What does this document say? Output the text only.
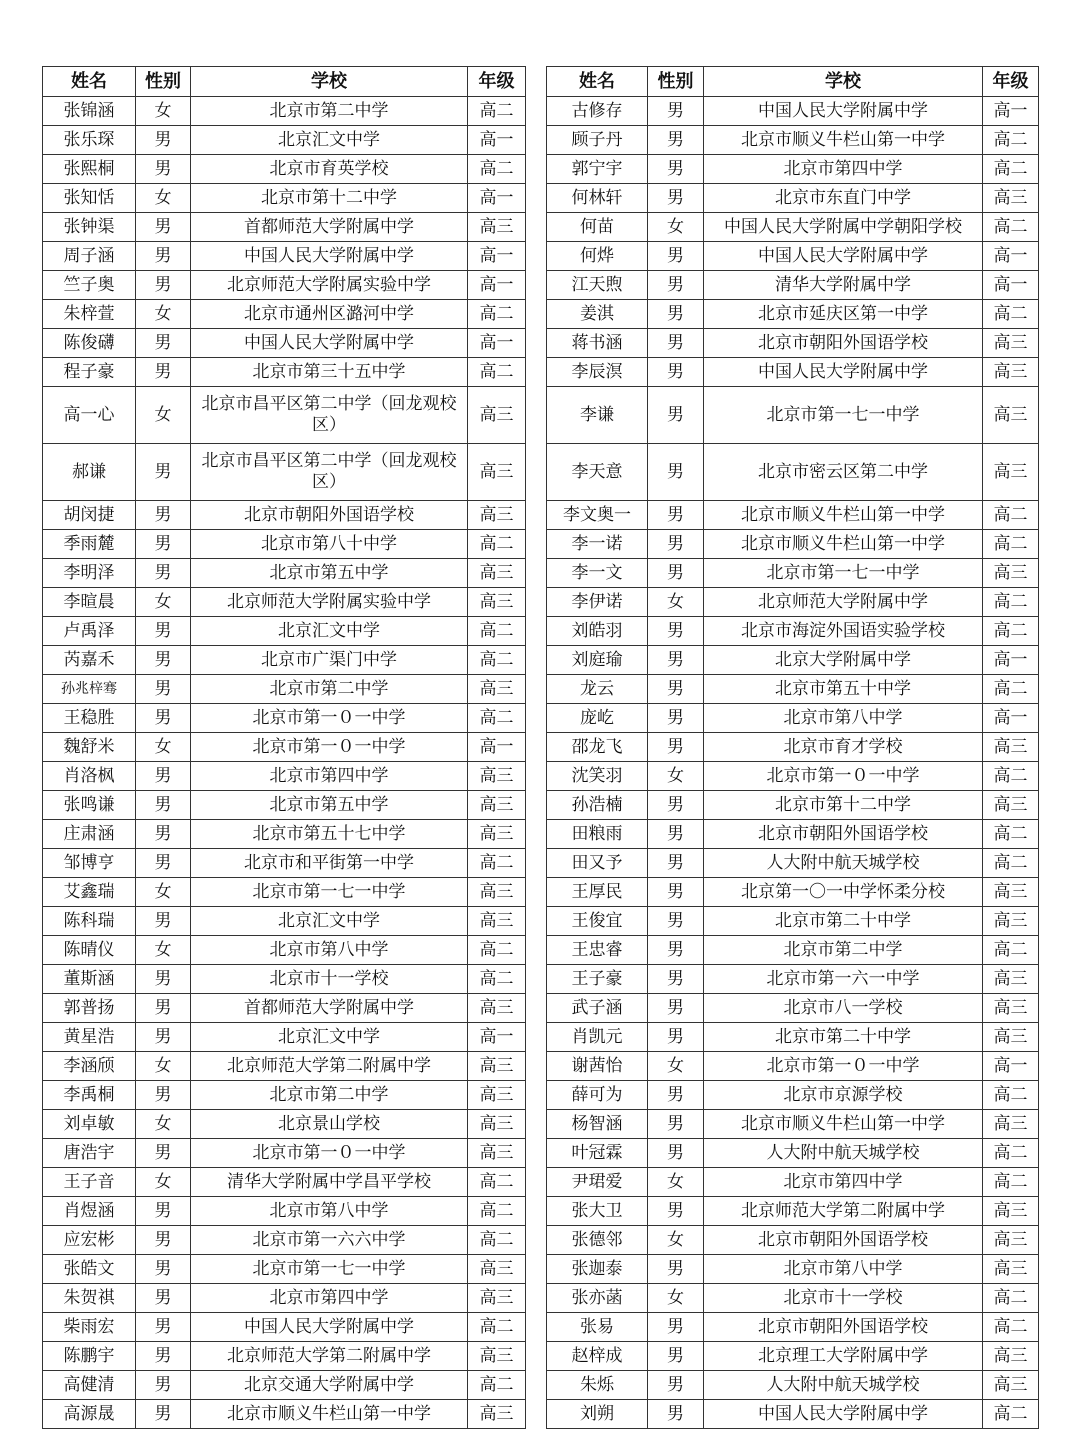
姓名	性别	学校	年级
张锦涵	女	北京市第二中学	高二
张乐琛	男	北京汇文中学	高一
张熙桐	男	北京市育英学校	高二
张知恬	女	北京市第十二中学	高一
张钟渠	男	首都师范大学附属中学	高三
周子涵	男	中国人民大学附属中学	高一
竺子奥	男	北京师范大学附属实验中学	高一
朱梓萱	女	北京市通州区潞河中学	高二
陈俊礴	男	中国人民大学附属中学	高一
程子豪	男	北京市第三十五中学	高二
高一心	女	北京市昌平区第二中学（回龙观校区）	高三
郝谦	男	北京市昌平区第二中学（回龙观校区）	高三
胡闵捷	男	北京市朝阳外国语学校	高三
季雨麓	男	北京市第八十中学	高二
李明泽	男	北京市第五中学	高三
李暄晨	女	北京师范大学附属实验中学	高三
卢禹泽	男	北京汇文中学	高二
芮嘉禾	男	北京市广渠门中学	高二
孙兆梓骞	男	北京市第二中学	高三
王稳胜	男	北京市第一０一中学	高二
魏舒米	女	北京市第一０一中学	高一
肖洛枫	男	北京市第四中学	高三
张鸣谦	男	北京市第五中学	高三
庄肃涵	男	北京市第五十七中学	高三
邹博亨	男	北京市和平街第一中学	高二
艾鑫瑞	女	北京市第一七一中学	高三
陈科瑞	男	北京汇文中学	高三
陈晴仪	女	北京市第八中学	高二
董斯涵	男	北京市十一学校	高二
郭普扬	男	首都师范大学附属中学	高三
黄星浩	男	北京汇文中学	高一
李涵颀	女	北京师范大学第二附属中学	高三
李禹桐	男	北京市第二中学	高三
刘卓敏	女	北京景山学校	高三
唐浩宇	男	北京市第一０一中学	高三
王子音	女	清华大学附属中学昌平学校	高二
肖煜涵	男	北京市第八中学	高二
应宏彬	男	北京市第一六六中学	高二
张皓文	男	北京市第一七一中学	高三
朱贺祺	男	北京市第四中学	高三
柴雨宏	男	中国人民大学附属中学	高二
陈鹏宇	男	北京师范大学第二附属中学	高三
高健清	男	北京交通大学附属中学	高二
高源晟	男	北京市顺义牛栏山第一中学	高三
姓名	性别	学校	年级
古修存	男	中国人民大学附属中学	高一
顾子丹	男	北京市顺义牛栏山第一中学	高二
郭宁宇	男	北京市第四中学	高二
何林轩	男	北京市东直门中学	高三
何苗	女	中国人民大学附属中学朝阳学校	高二
何烨	男	中国人民大学附属中学	高一
江天煦	男	清华大学附属中学	高一
姜淇	男	北京市延庆区第一中学	高二
蒋书涵	男	北京市朝阳外国语学校	高三
李辰溟	男	中国人民大学附属中学	高三
李谦	男	北京市第一七一中学	高三
李天意	男	北京市密云区第二中学	高三
李文奥一	男	北京市顺义牛栏山第一中学	高二
李一诺	男	北京市顺义牛栏山第一中学	高二
李一文	男	北京市第一七一中学	高三
李伊诺	女	北京师范大学附属中学	高二
刘皓羽	男	北京市海淀外国语实验学校	高二
刘庭瑜	男	北京大学附属中学	高一
龙云	男	北京市第五十中学	高二
庞屹	男	北京市第八中学	高一
邵龙飞	男	北京市育才学校	高三
沈笑羽	女	北京市第一０一中学	高二
孙浩楠	男	北京市第十二中学	高三
田粮雨	男	北京市朝阳外国语学校	高二
田又予	男	人大附中航天城学校	高二
王厚民	男	北京第一〇一中学怀柔分校	高三
王俊宜	男	北京市第二十中学	高三
王忠睿	男	北京市第二中学	高二
王子豪	男	北京市第一六一中学	高三
武子涵	男	北京市八一学校	高三
肖凯元	男	北京市第二十中学	高三
谢茜怡	女	北京市第一０一中学	高一
薛可为	男	北京市京源学校	高二
杨智涵	男	北京市顺义牛栏山第一中学	高三
叶冠霖	男	人大附中航天城学校	高二
尹珺爱	女	北京市第四中学	高二
张大卫	男	北京师范大学第二附属中学	高三
张德邻	女	北京市朝阳外国语学校	高三
张迦泰	男	北京市第八中学	高三
张亦菡	女	北京市十一学校	高二
张易	男	北京市朝阳外国语学校	高二
赵梓成	男	北京理工大学附属中学	高三
朱烁	男	人大附中航天城学校	高三
刘朔	男	中国人民大学附属中学	高二
